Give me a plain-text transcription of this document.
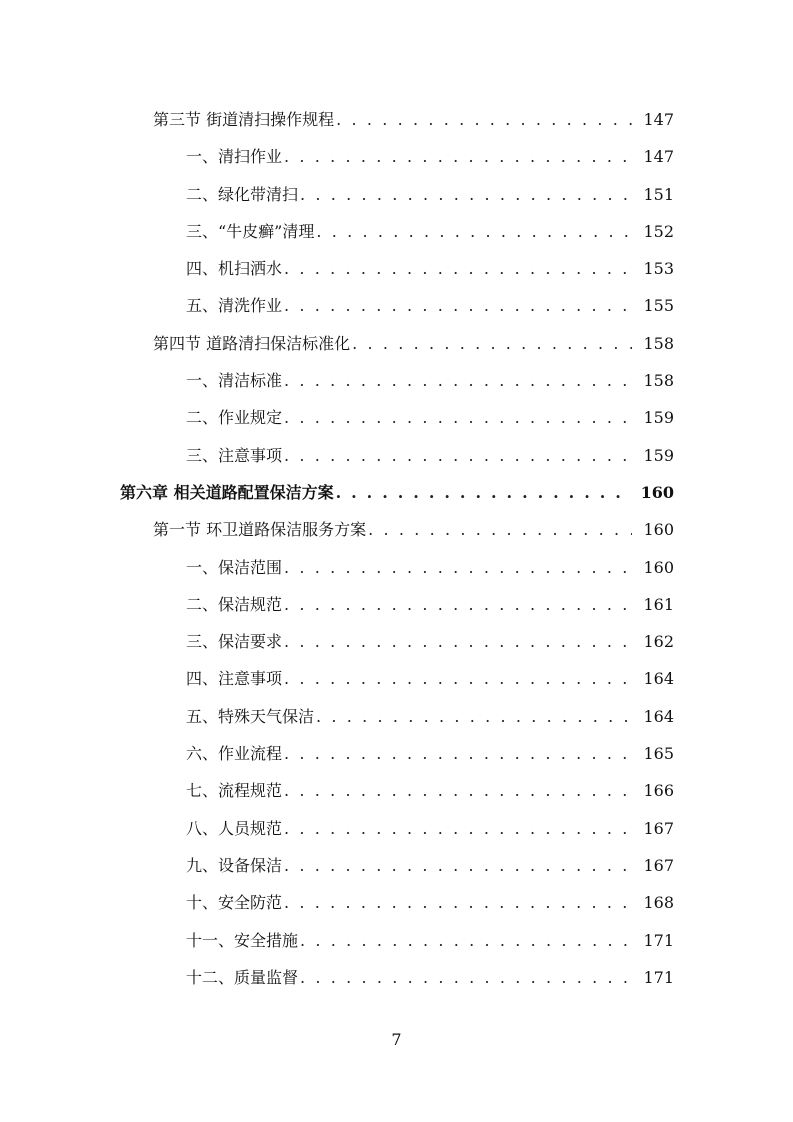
第三节 街道清扫操作规程 . . .	147
一、清扫作业 . . .	147
二、绿化带清扫 . . .	151
三、“牛皮癣”清理 . . .	152
四、机扫洒水 . . .	153
五、清洗作业 . . .	155
第四节 道路清扫保洁标准化 . . .	158
一、清洁标准 . . .	158
二、作业规定 . . .	159
三、注意事项 . . .	159
第六章 相关道路配置保洁方案 . . .	160
第一节 环卫道路保洁服务方案 . . .	160
一、保洁范围 . . .	160
二、保洁规范 . . .	161
三、保洁要求 . . .	162
四、注意事项 . . .	164
五、特殊天气保洁 . . .	164
六、作业流程 . . .	165
七、流程规范 . . .	166
八、人员规范 . . .	167
九、设备保洁 . . .	167
十、安全防范 . . .	168
十一、安全措施 . . .	171
十二、质量监督 . . .	171
7
